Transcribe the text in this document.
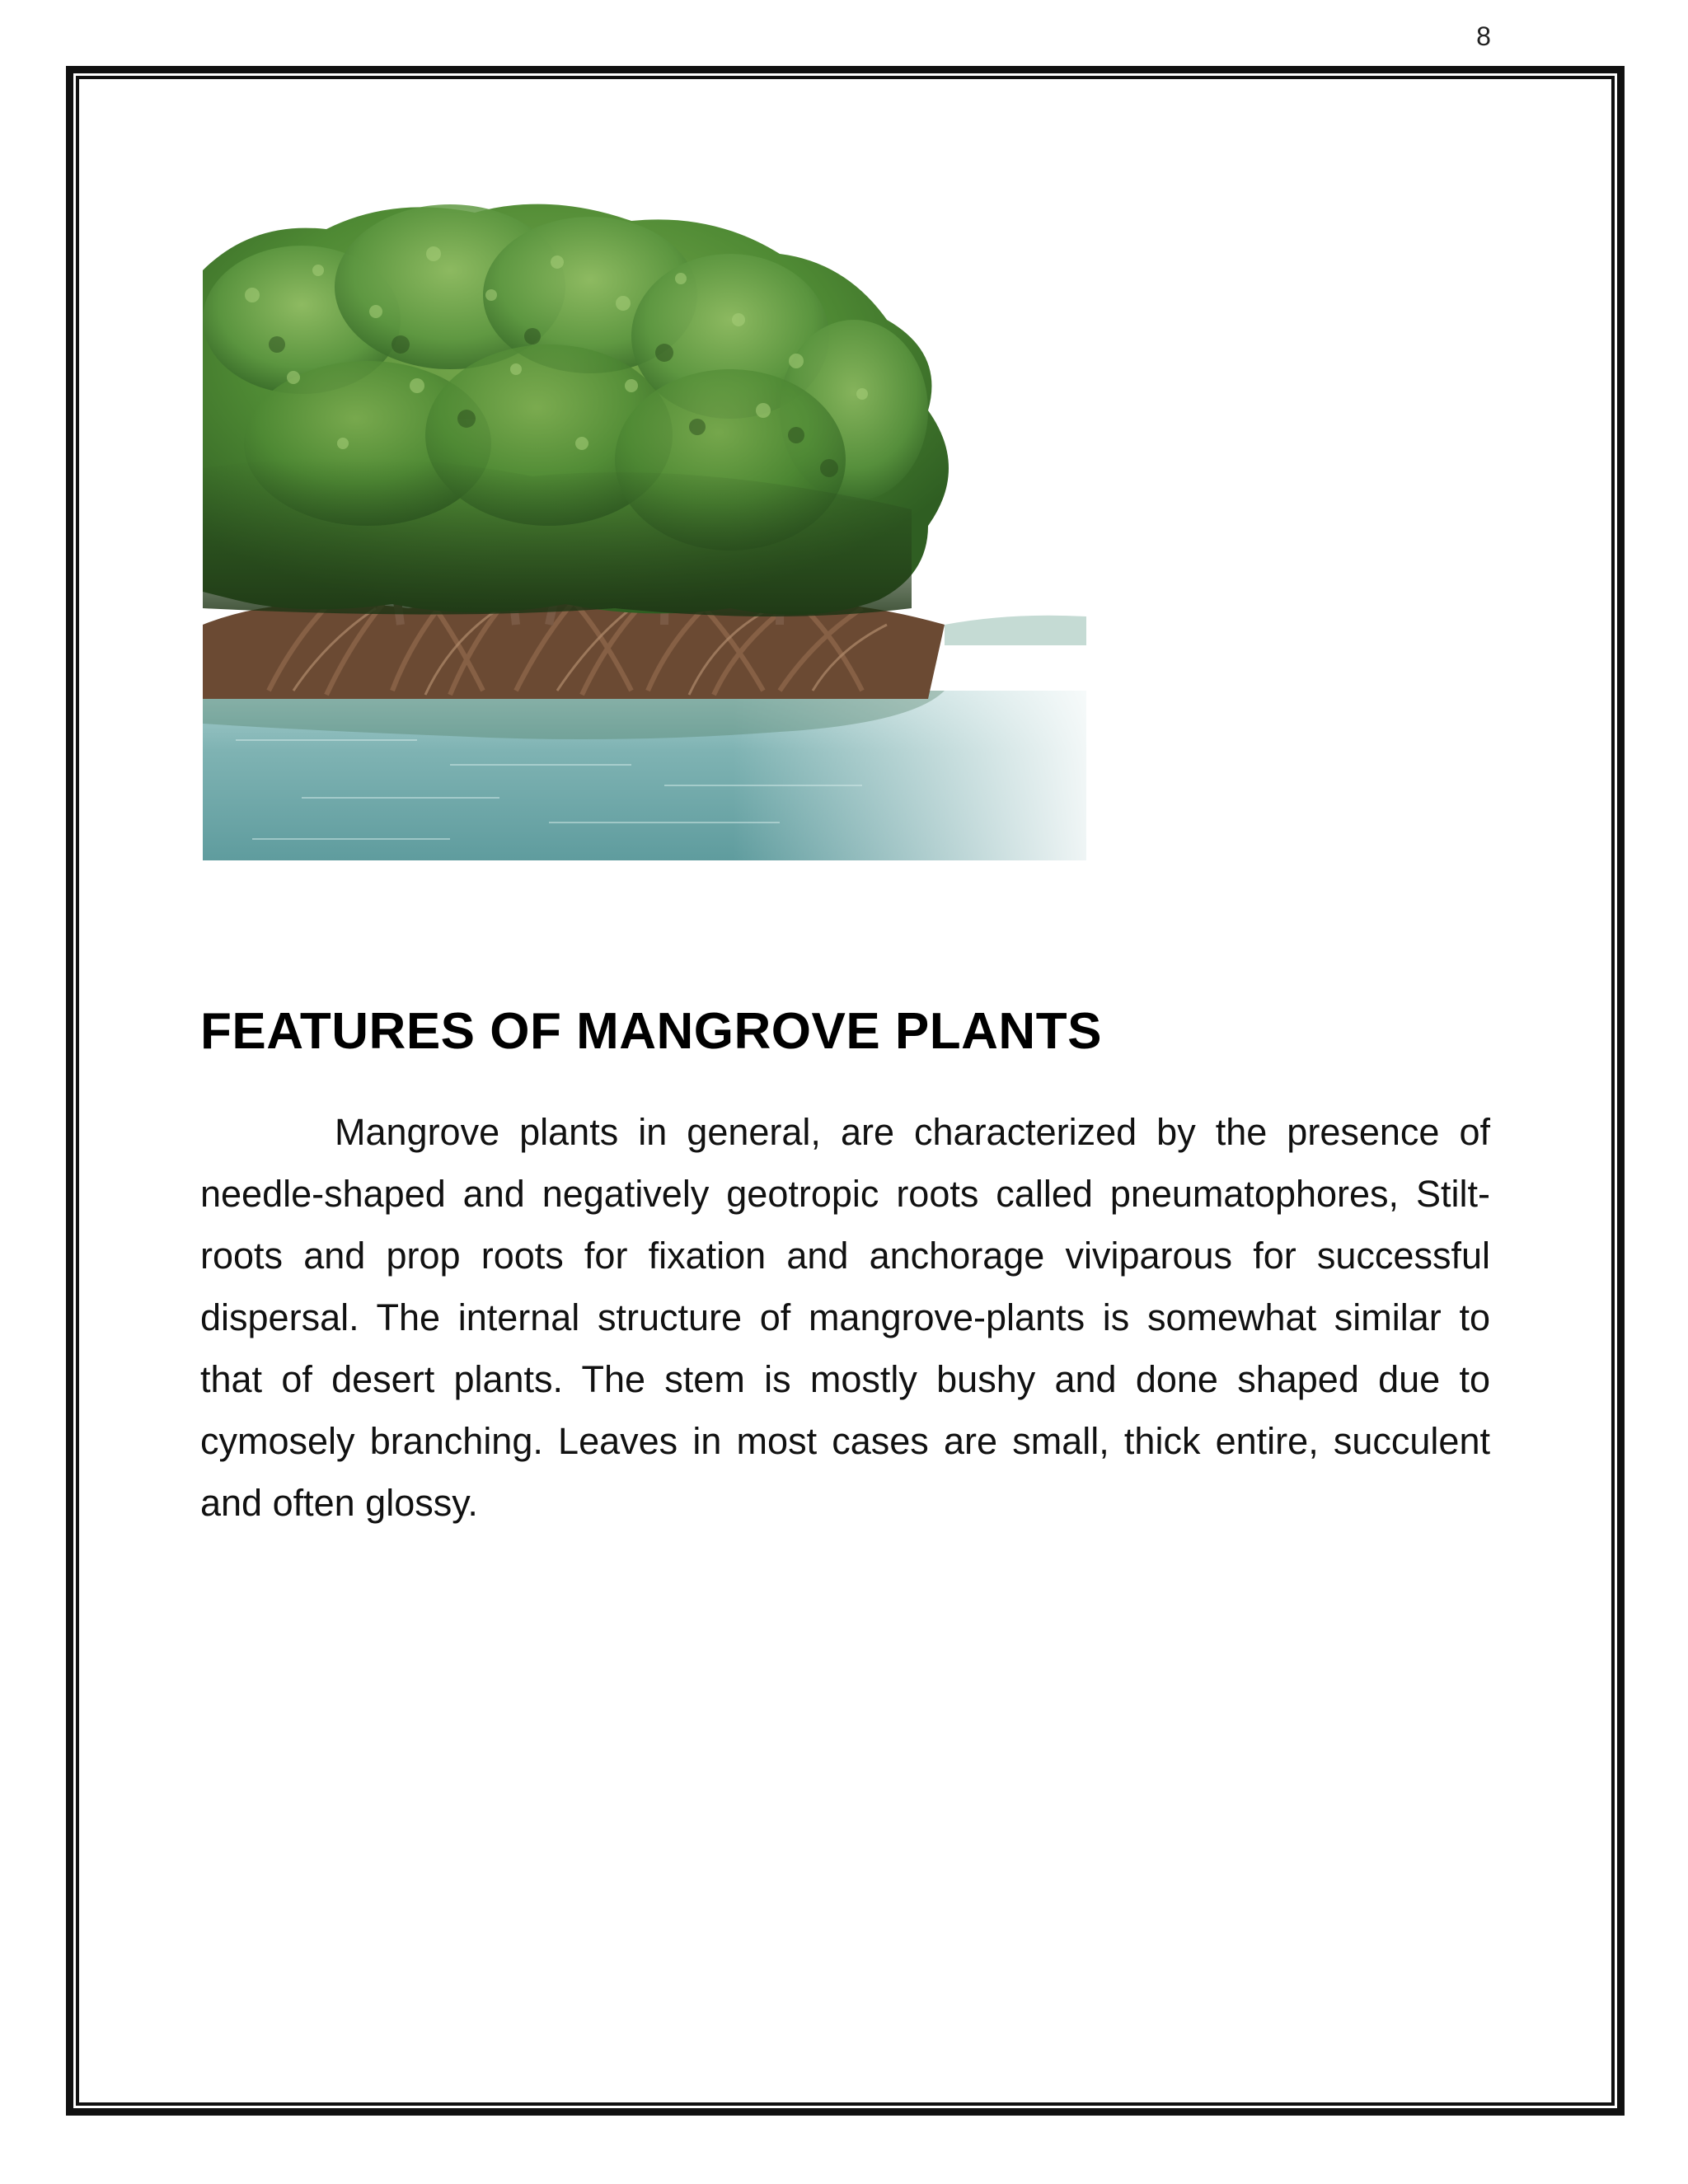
8
FEATURES OF MANGROVE PLANTS

Mangrove plants in general, are characterized by the presence of needle-shaped and negatively geotropic roots called pneumatophores, Stilt-roots and prop roots for fixation and anchorage viviparous for successful dispersal. The internal structure of mangrove-plants is somewhat similar to that of desert plants. The stem is mostly bushy and done shaped due to cymosely branching. Leaves in most cases are small, thick entire, succulent and often glossy.
